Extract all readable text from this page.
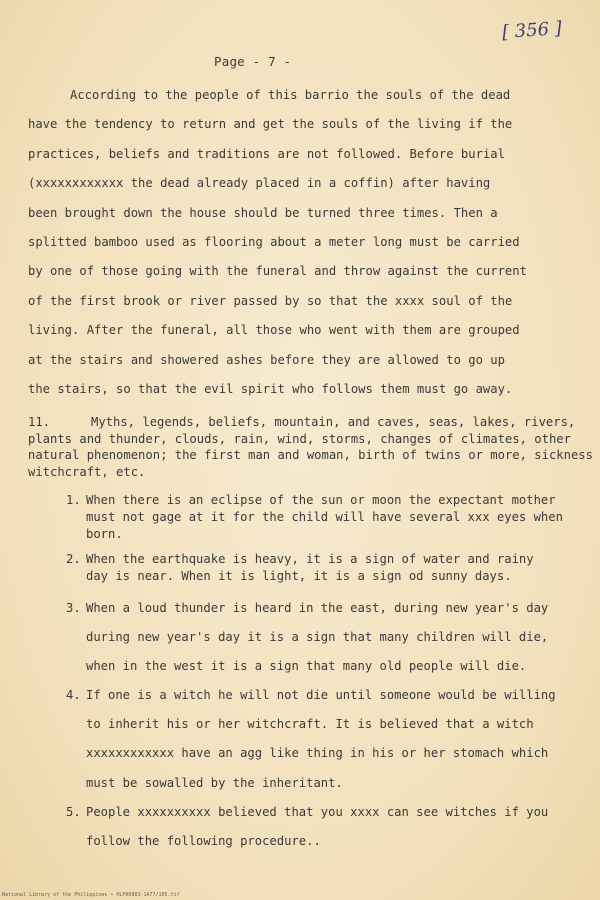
[ 356 ]
Page - 7 -

According to the people of this barrio the souls of the dead
have the tendency to return and get the souls of the living if the
practices, beliefs and traditions are not followed. Before burial
(xxxxxxxxxxxx the dead already placed in a coffin) after having
been brought down the house should be turned three times. Then a
splitted bamboo used as flooring about a meter long must be carried
by one of those going with the funeral and throw against the current
of the first brook or river passed by so that the xxxx soul of the
living. After the funeral, all those who went with them are grouped
at the stairs and showered ashes before they are allowed to go up
the stairs, so that the evil spirit who follows them must go away.

11.	Myths, legends, beliefs, mountain, and caves, seas, lakes, rivers,
plants and thunder, clouds, rain, wind, storms, changes of climates, other
natural phenomenon; the first man and woman, birth of twins or more, sickness
witchcraft, etc.

1. When there is an eclipse of the sun or moon the expectant mother
must not gage at it for the child will have several xxx eyes when
born.

2. When the earthquake is heavy, it is a sign of water and rainy
day is near. When it is light, it is a sign od sunny days.

3. When a loud thunder is heard in the east, during new year's day
during new year's day it is a sign that many children will die,
when in the west it is a sign that many old people will die.

4. If one is a witch he will not die until someone would be willing
to inherit his or her witchcraft. It is believed that a witch
xxxxxxxxxxxx have an agg like thing in his or her stomach which
must be sowalled by the inheritant.

5. People xxxxxxxxxx believed that you xxxx can see witches if you
follow the following procedure..

National Library of the Philippines • HLP00883-1A77/105.tif
